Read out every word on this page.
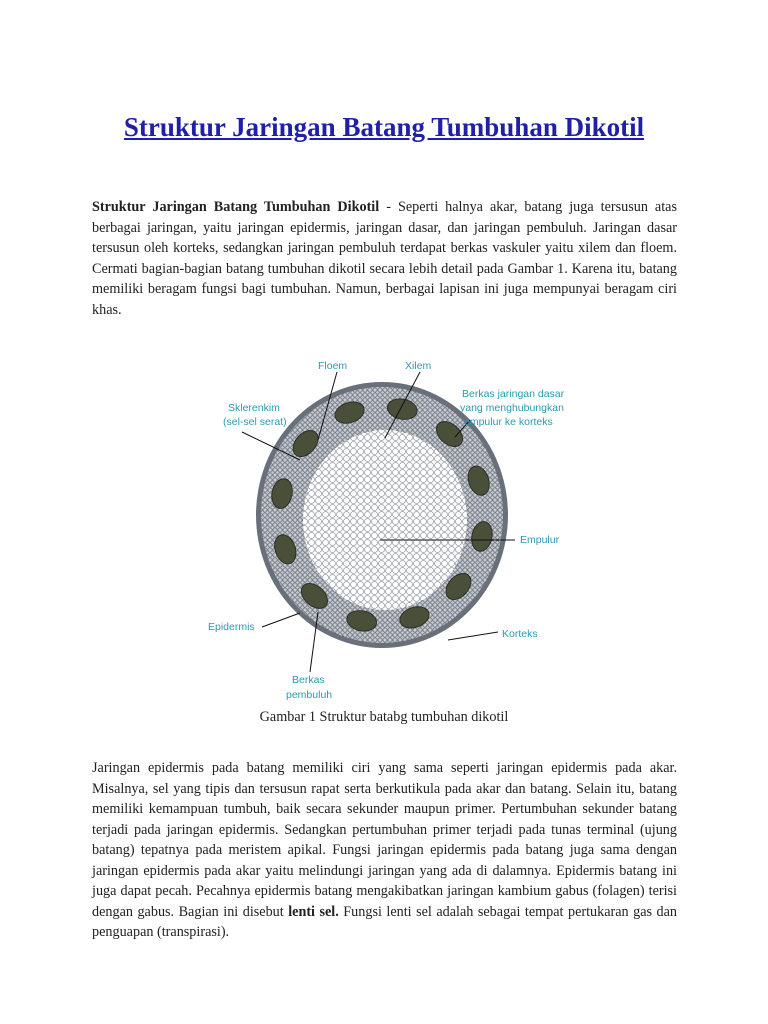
Struktur Jaringan Batang Tumbuhan Dikotil

Struktur Jaringan Batang Tumbuhan Dikotil - Seperti halnya akar, batang juga tersusun atas berbagai jaringan, yaitu jaringan epidermis, jaringan dasar, dan jaringan pembuluh. Jaringan dasar tersusun oleh korteks, sedangkan jaringan pembuluh terdapat berkas vaskuler yaitu xilem dan floem. Cermati bagian-bagian batang tumbuhan dikotil secara lebih detail pada Gambar 1. Karena itu, batang memiliki beragam fungsi bagi tumbuhan. Namun, berbagai lapisan ini juga mempunyai beragam ciri khas.

Floem	Xilem
Sklerenkim
(sel-sel serat)
Berkas jaringan dasar
yang menghubungkan
empulur ke korteks
Empulur
Epidermis
Korteks
Berkas
pembuluh
Gambar 1 Struktur batabg tumbuhan dikotil

Jaringan epidermis pada batang memiliki ciri yang sama seperti jaringan epidermis pada akar. Misalnya, sel yang tipis dan tersusun rapat serta berkutikula pada akar dan batang. Selain itu, batang memiliki kemampuan tumbuh, baik secara sekunder maupun primer. Pertumbuhan sekunder batang terjadi pada jaringan epidermis. Sedangkan pertumbuhan primer terjadi pada tunas terminal (ujung batang) tepatnya pada meristem apikal. Fungsi jaringan epidermis pada batang juga sama dengan jaringan epidermis pada akar yaitu melindungi jaringan yang ada di dalamnya. Epidermis batang ini juga dapat pecah. Pecahnya epidermis batang mengakibatkan jaringan kambium gabus (folagen) terisi dengan gabus. Bagian ini disebut lenti sel. Fungsi lenti sel adalah sebagai tempat pertukaran gas dan penguapan (transpirasi).
